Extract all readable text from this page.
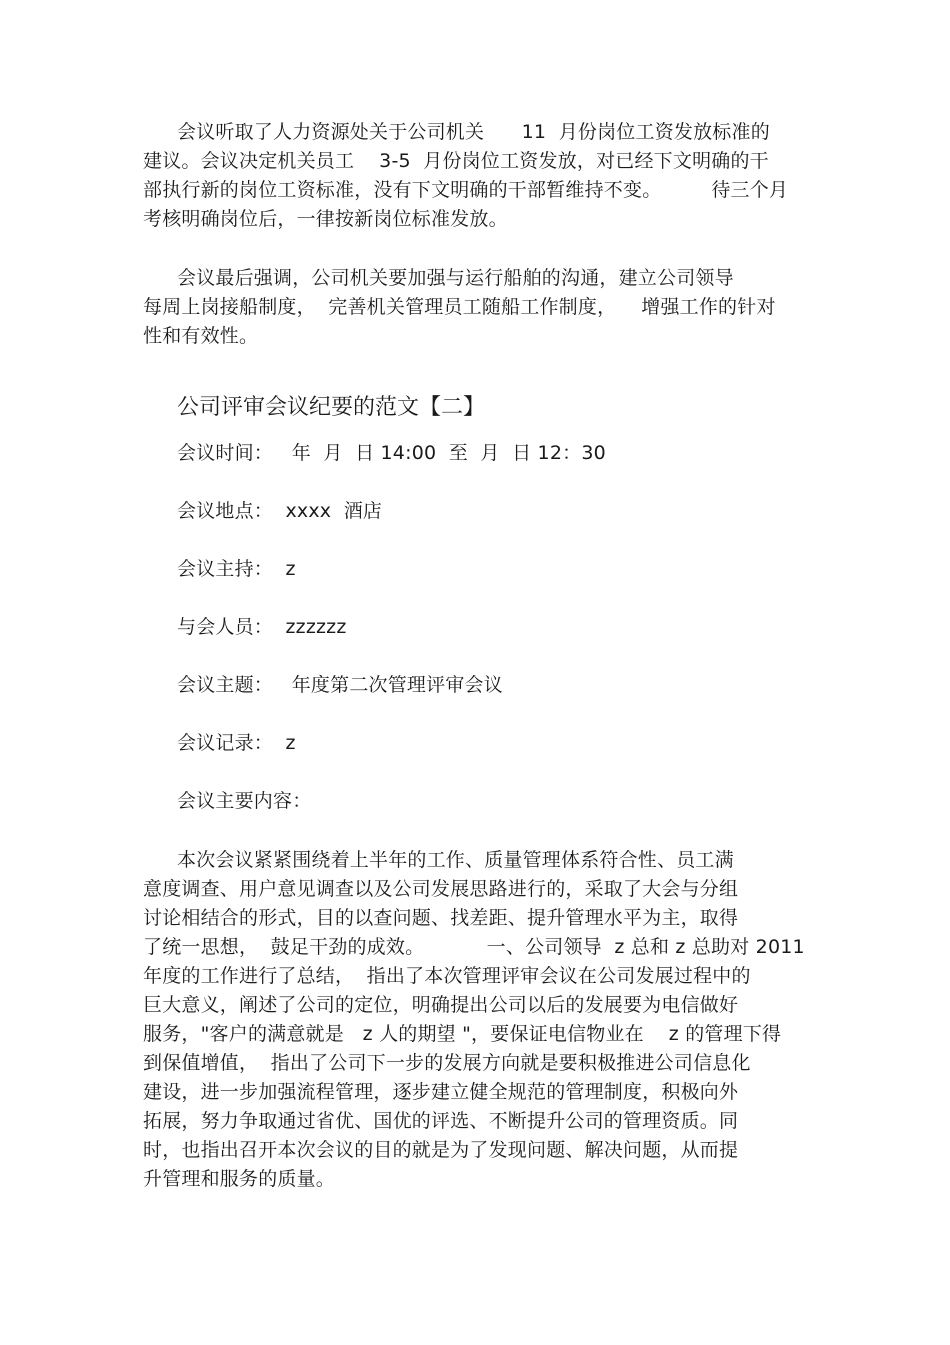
会议听取了人力资源处关于公司机关      11  月份岗位工资发放标准的
建议。会议决定机关员工    3-5  月份岗位工资发放，对已经下文明确的干
部执行新的岗位工资标准，没有下文明确的干部暂维持不变。        待三个月
考核明确岗位后，一律按新岗位标准发放。
会议最后强调，公司机关要加强与运行船舶的沟通，建立公司领导
每周上岗接船制度，  完善机关管理员工随船工作制度，    增强工作的针对
性和有效性。
公司评审会议纪要的范文【二】
会议时间：   年  月  日 14:00  至  月  日 12：30
会议地点：  xxxx  酒店
会议主持：  z
与会人员：  zzzzzz
会议主题：   年度第二次管理评审会议
会议记录：  z
会议主要内容：
本次会议紧紧围绕着上半年的工作、质量管理体系符合性、员工满
意度调查、用户意见调查以及公司发展思路进行的，采取了大会与分组
讨论相结合的形式，目的以查问题、找差距、提升管理水平为主，取得
了统一思想，  鼓足干劲的成效。          一、公司领导  z 总和 z 总助对 2011
年度的工作进行了总结，  指出了本次管理评审会议在公司发展过程中的
巨大意义，阐述了公司的定位，明确提出公司以后的发展要为电信做好
服务，"客户的满意就是   z 人的期望 "，要保证电信物业在    z 的管理下得
到保值增值，  指出了公司下一步的发展方向就是要积极推进公司信息化
建设，进一步加强流程管理，逐步建立健全规范的管理制度，积极向外
拓展，努力争取通过省优、国优的评选、不断提升公司的管理资质。同
时，也指出召开本次会议的目的就是为了发现问题、解决问题，从而提
升管理和服务的质量。
